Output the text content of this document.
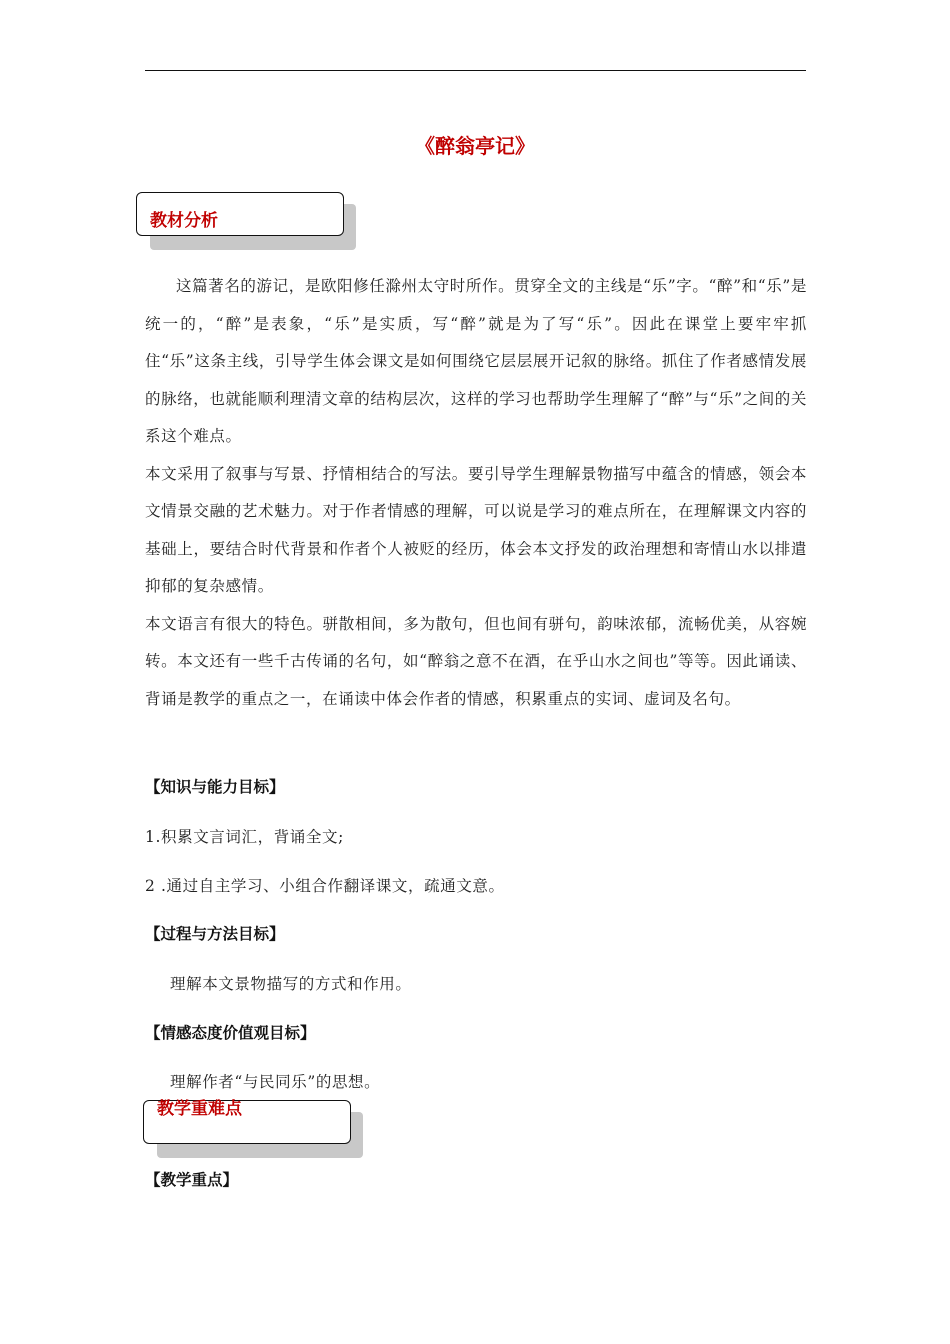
《醉翁亭记》
教材分析

这篇著名的游记，是欧阳修任滁州太守时所作。贯穿全文的主线是“乐”字。“醉”和“乐”是统一的，“醉”是表象，“乐”是实质，写“醉”就是为了写“乐”。因此在课堂上要牢牢抓住“乐”这条主线，引导学生体会课文是如何围绕它层层展开记叙的脉络。抓住了作者感情发展的脉络，也就能顺利理清文章的结构层次，这样的学习也帮助学生理解了“醉”与“乐”之间的关系这个难点。

本文采用了叙事与写景、抒情相结合的写法。要引导学生理解景物描写中蕴含的情感，领会本文情景交融的艺术魅力。对于作者情感的理解，可以说是学习的难点所在，在理解课文内容的基础上，要结合时代背景和作者个人被贬的经历，体会本文抒发的政治理想和寄情山水以排遣抑郁的复杂感情。

本文语言有很大的特色。骈散相间，多为散句，但也间有骈句，韵味浓郁，流畅优美，从容婉转。本文还有一些千古传诵的名句，如“醉翁之意不在酒，在乎山水之间也”等等。因此诵读、背诵是教学的重点之一，在诵读中体会作者的情感，积累重点的实词、虚词及名句。

【知识与能力目标】
1.积累文言词汇，背诵全文;
2 .通过自主学习、小组合作翻译课文，疏通文意。
【过程与方法目标】
理解本文景物描写的方式和作用。
【情感态度价值观目标】
理解作者“与民同乐”的思想。
教学重难点
【教学重点】
